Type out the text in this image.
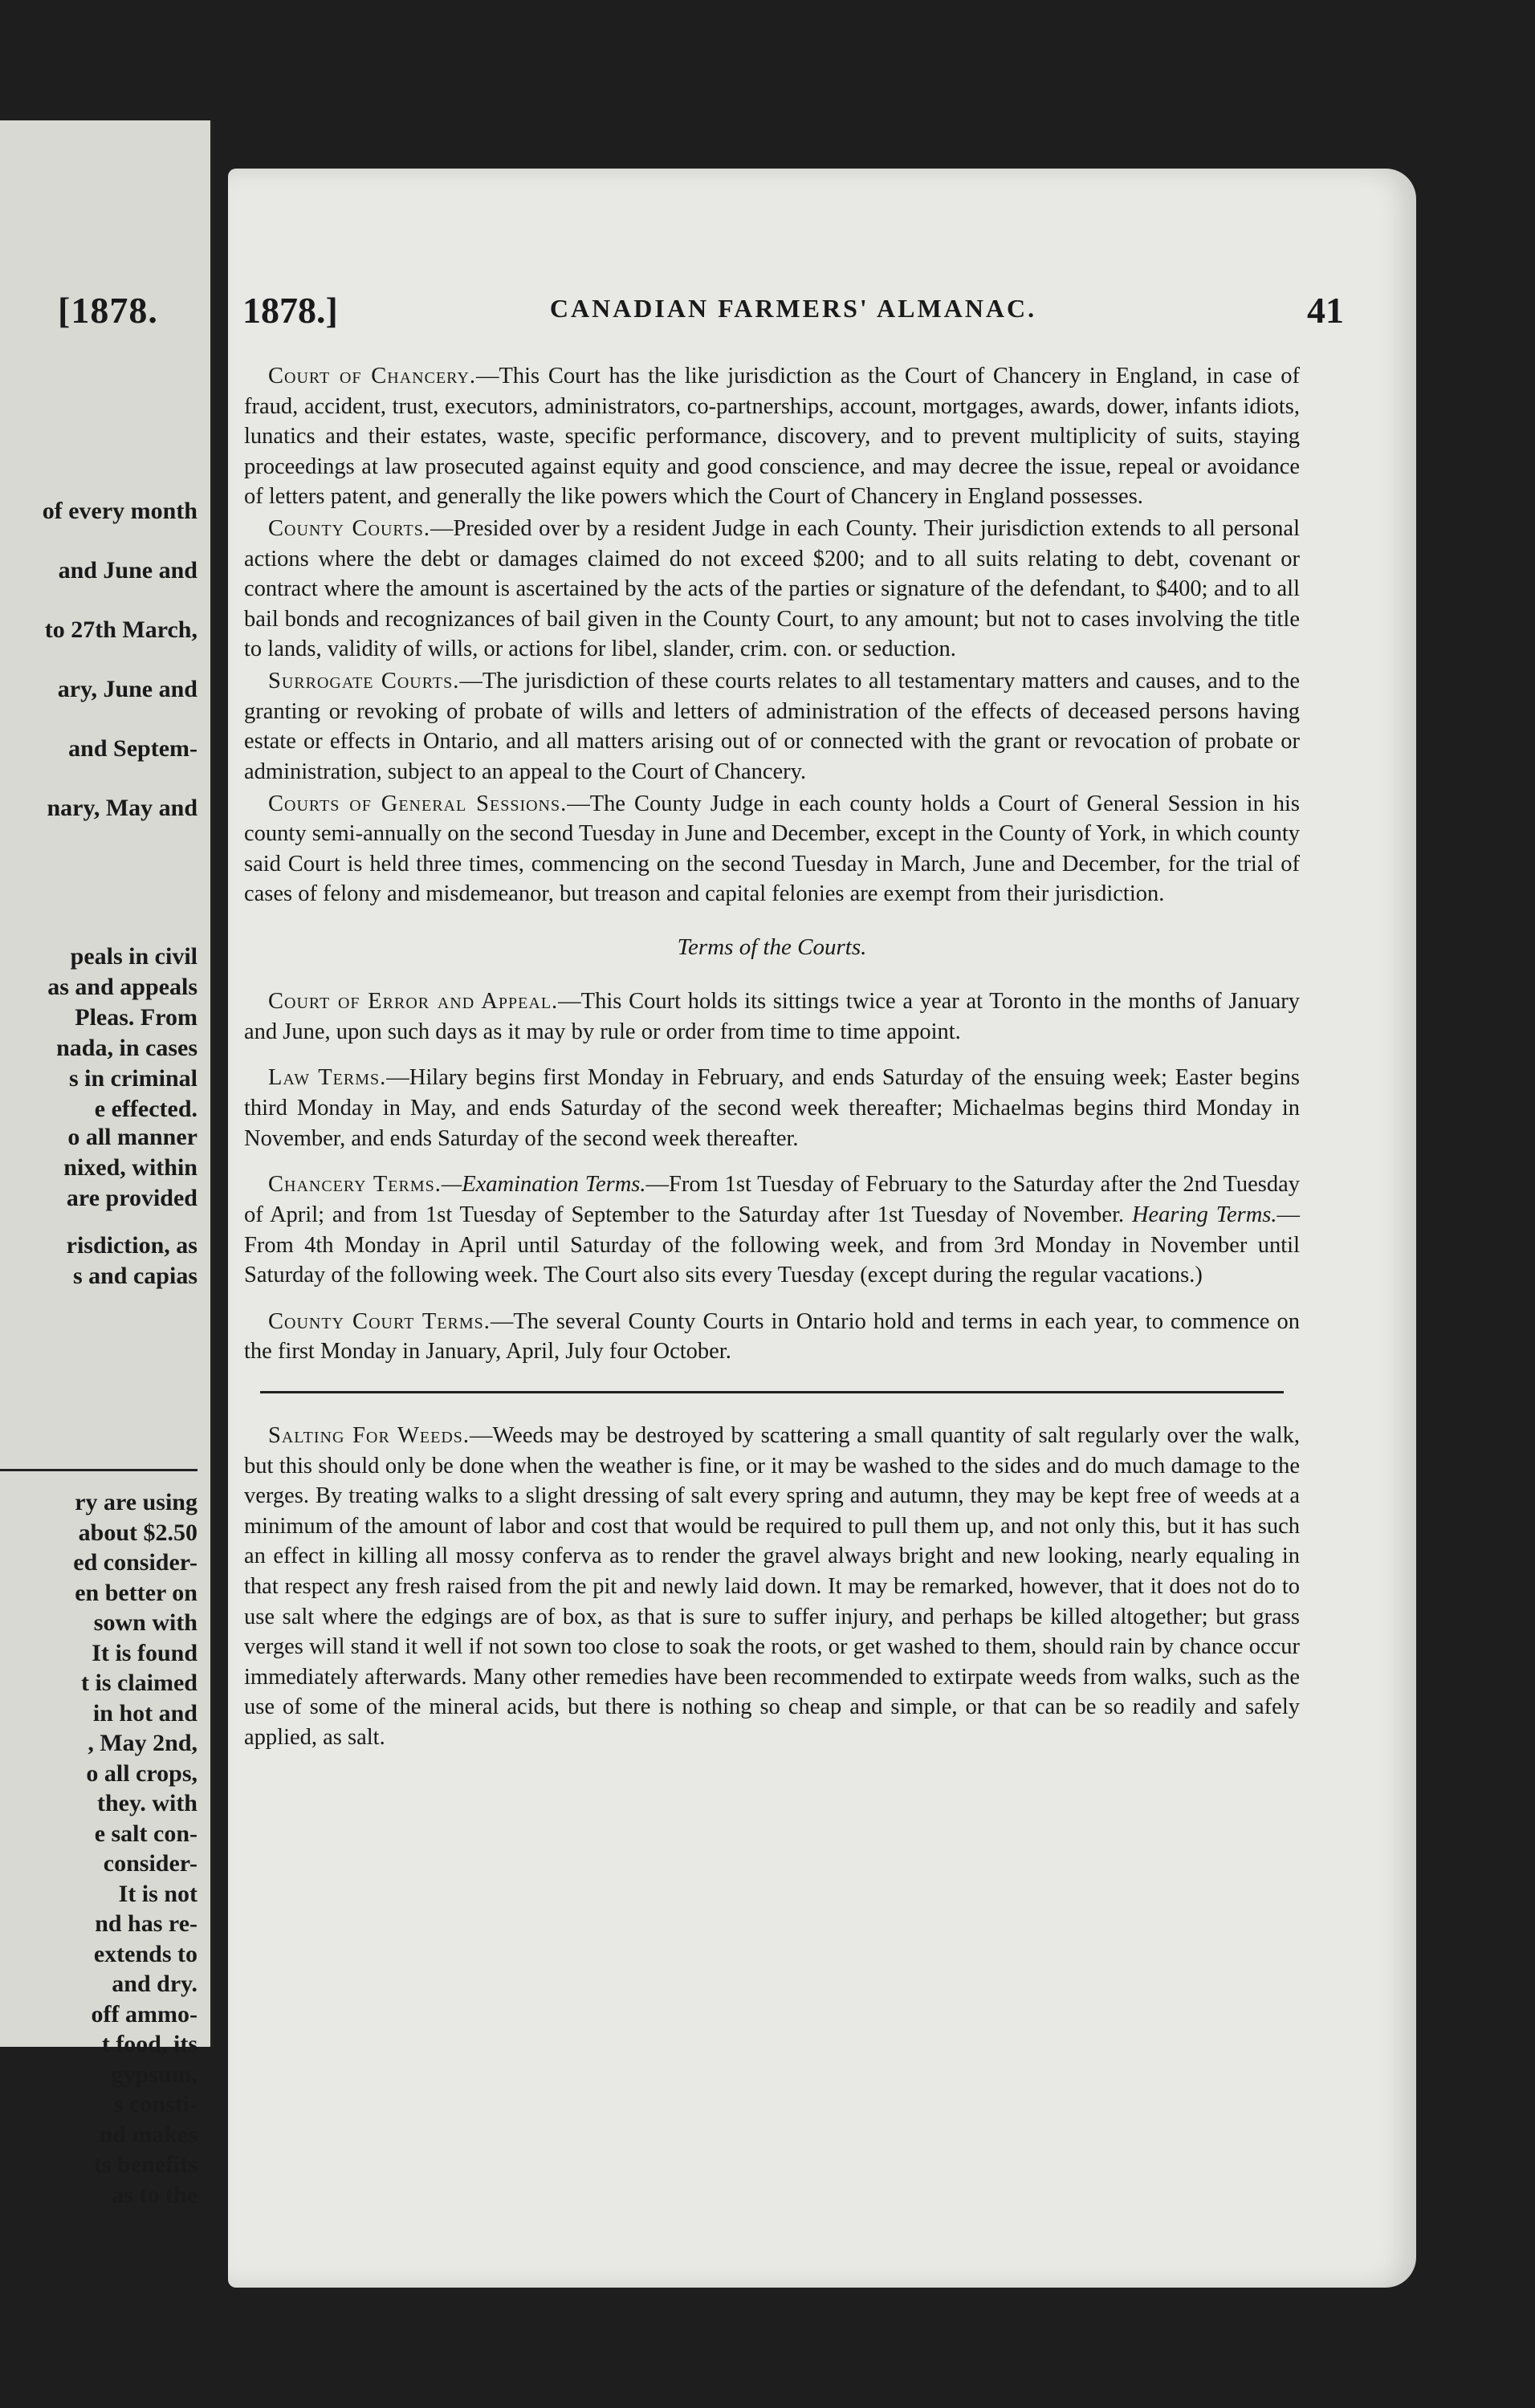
[1878.
of every month
and June and
to 27th March,
ary, June and
and Septem-
nary, May and
peals in civil
as and appeals
Pleas. From
nada, in cases
s in criminal
e effected.
o all manner
nixed, within
are provided
risdiction, as
s and capias
ry are using
about $2.50
ed consider-
en better on
sown with
It is found
t is claimed
in hot and
, May 2nd,
o all crops,
they. with
e salt con-
consider-
It is not
nd has re-
extends to
and dry.
off ammo-
t food, its
gypsum,
s consti-
nd makes
ts benefits
as to the
1878.]	CANADIAN FARMERS' ALMANAC.	41

Court of Chancery.—This Court has the like jurisdiction as the Court of Chancery in England, in case of fraud, accident, trust, executors, administrators, co-partnerships, account, mortgages, awards, dower, infants idiots, lunatics and their estates, waste, specific performance, discovery, and to prevent multiplicity of suits, staying proceedings at law prosecuted against equity and good conscience, and may decree the issue, repeal or avoidance of letters patent, and generally the like powers which the Court of Chancery in England possesses.

County Courts.—Presided over by a resident Judge in each County. Their jurisdiction extends to all personal actions where the debt or damages claimed do not exceed $200; and to all suits relating to debt, covenant or contract where the amount is ascertained by the acts of the parties or signature of the defendant, to $400; and to all bail bonds and recognizances of bail given in the County Court, to any amount; but not to cases involving the title to lands, validity of wills, or actions for libel, slander, crim. con. or seduction.

Surrogate Courts.—The jurisdiction of these courts relates to all testamentary matters and causes, and to the granting or revoking of probate of wills and letters of administration of the effects of deceased persons having estate or effects in Ontario, and all matters arising out of or connected with the grant or revocation of probate or administration, subject to an appeal to the Court of Chancery.

Courts of General Sessions.—The County Judge in each county holds a Court of General Session in his county semi-annually on the second Tuesday in June and December, except in the County of York, in which county said Court is held three times, commencing on the second Tuesday in March, June and December, for the trial of cases of felony and misdemeanor, but treason and capital felonies are exempt from their jurisdiction.

Terms of the Courts.

Court of Error and Appeal.—This Court holds its sittings twice a year at Toronto in the months of January and June, upon such days as it may by rule or order from time to time appoint.

Law Terms.—Hilary begins first Monday in February, and ends Saturday of the ensuing week; Easter begins third Monday in May, and ends Saturday of the second week thereafter; Michaelmas begins third Monday in November, and ends Saturday of the second week thereafter.

Chancery Terms.—Examination Terms.—From 1st Tuesday of February to the Saturday after the 2nd Tuesday of April; and from 1st Tuesday of September to the Saturday after 1st Tuesday of November. Hearing Terms.—From 4th Monday in April until Saturday of the following week, and from 3rd Monday in November until Saturday of the following week. The Court also sits every Tuesday (except during the regular vacations.)

County Court Terms.—The several County Courts in Ontario hold and terms in each year, to commence on the first Monday in January, April, July four October.

Salting For Weeds.—Weeds may be destroyed by scattering a small quantity of salt regularly over the walk, but this should only be done when the weather is fine, or it may be washed to the sides and do much damage to the verges. By treating walks to a slight dressing of salt every spring and autumn, they may be kept free of weeds at a minimum of the amount of labor and cost that would be required to pull them up, and not only this, but it has such an effect in killing all mossy conferva as to render the gravel always bright and new looking, nearly equaling in that respect any fresh raised from the pit and newly laid down. It may be remarked, however, that it does not do to use salt where the edgings are of box, as that is sure to suffer injury, and perhaps be killed altogether; but grass verges will stand it well if not sown too close to soak the roots, or get washed to them, should rain by chance occur immediately afterwards. Many other remedies have been recommended to extirpate weeds from walks, such as the use of some of the mineral acids, but there is nothing so cheap and simple, or that can be so readily and safely applied, as salt.
